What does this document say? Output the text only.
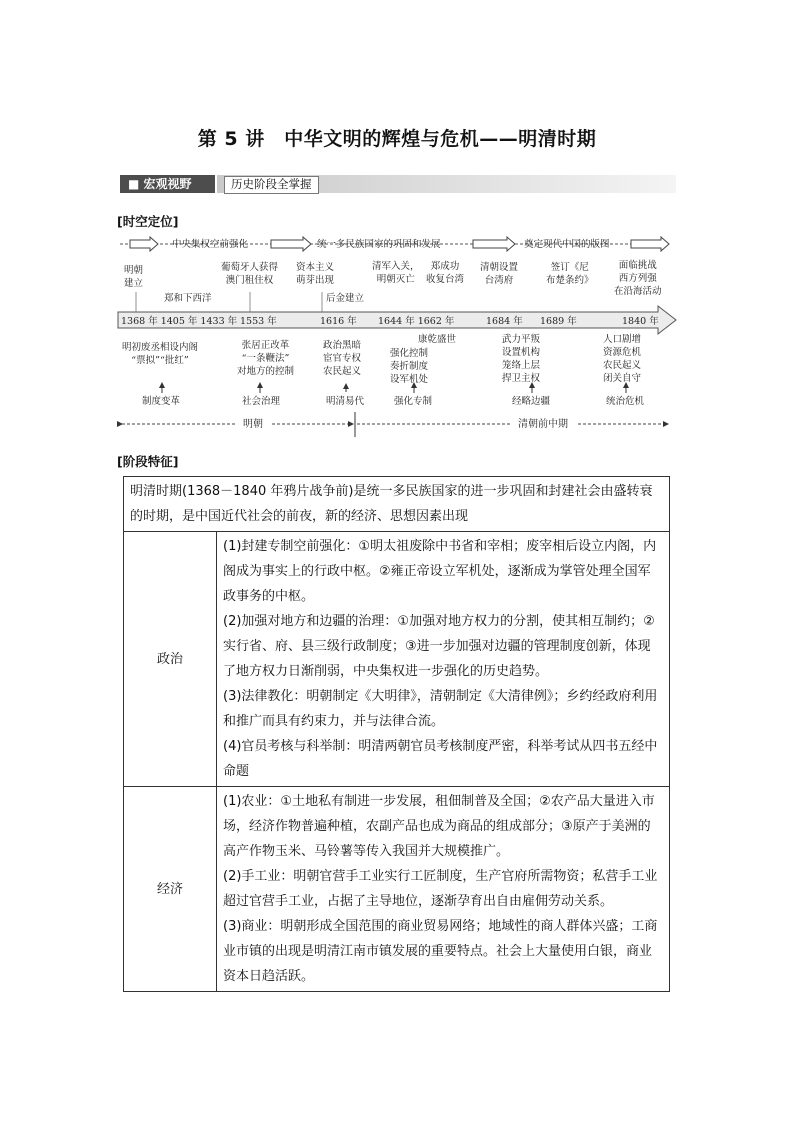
第 5 讲　中华文明的辉煌与危机——明清时期
■ 宏观视野	历史阶段全掌握
[时空定位]
[阶段特征]
中央集权空前强化	统一多民族国家的巩固和发展	奠定现代中国的版图
1368 年 1405 年 1433 年 1553 年	1616 年 1644 年 1662 年	1684 年 1689 年	1840 年
明朝
建立
郑和下西洋
葡萄牙人获得
澳门租住权
资本主义
萌芽出现
后金建立
清军入关，
明朝灭亡
郑成功
收复台湾
清朝设置
台湾府
签订《尼
布楚条约》
面临挑战
西方列强
在沿海活动
明初废丞相设内阁
“票拟”“批红”
张居正改革
“一条鞭法”
对地方的控制
政治黑暗
宦官专权
农民起义
康乾盛世
强化控制
奏折制度
设军机处
武力平叛
设置机构
笼络上层
捍卫主权
人口剧增
资源危机
农民起义
闭关自守
制度变革	社会治理	明清易代	强化专制	经略边疆	统治危机
明朝	清朝前中期
明清时期(1368－1840 年鸦片战争前)是统一多民族国家的进一步巩固和封建社会由盛转衰的时期，是中国近代社会的前夜，新的经济、思想因素出现	
政治	(1)封建专制空前强化：①明太祖废除中书省和宰相；废宰相后设立内阁，内阁成为事实上的行政中枢。②雍正帝设立军机处，逐渐成为掌管处理全国军政事务的中枢。

(2)加强对地方和边疆的治理：①加强对地方权力的分割，使其相互制约；②实行省、府、县三级行政制度；③进一步加强对边疆的管理制度创新，体现了地方权力日渐削弱，中央集权进一步强化的历史趋势。

(3)法律教化：明朝制定《大明律》，清朝制定《大清律例》；乡约经政府利用和推广而具有约束力，并与法律合流。

(4)官员考核与科举制：明清两朝官员考核制度严密，科举考试从四书五经中命题

经济	(1)农业：①土地私有制进一步发展，租佃制普及全国；②农产品大量进入市场，经济作物普遍种植，农副产品也成为商品的组成部分；③原产于美洲的高产作物玉米、马铃薯等传入我国并大规模推广。

(2)手工业：明朝官营手工业实行工匠制度，生产官府所需物资；私营手工业超过官营手工业，占据了主导地位，逐渐孕育出自由雇佣劳动关系。

(3)商业：明朝形成全国范围的商业贸易网络；地域性的商人群体兴盛；工商业市镇的出现是明清江南市镇发展的重要特点。社会上大量使用白银，商业资本日趋活跃。
